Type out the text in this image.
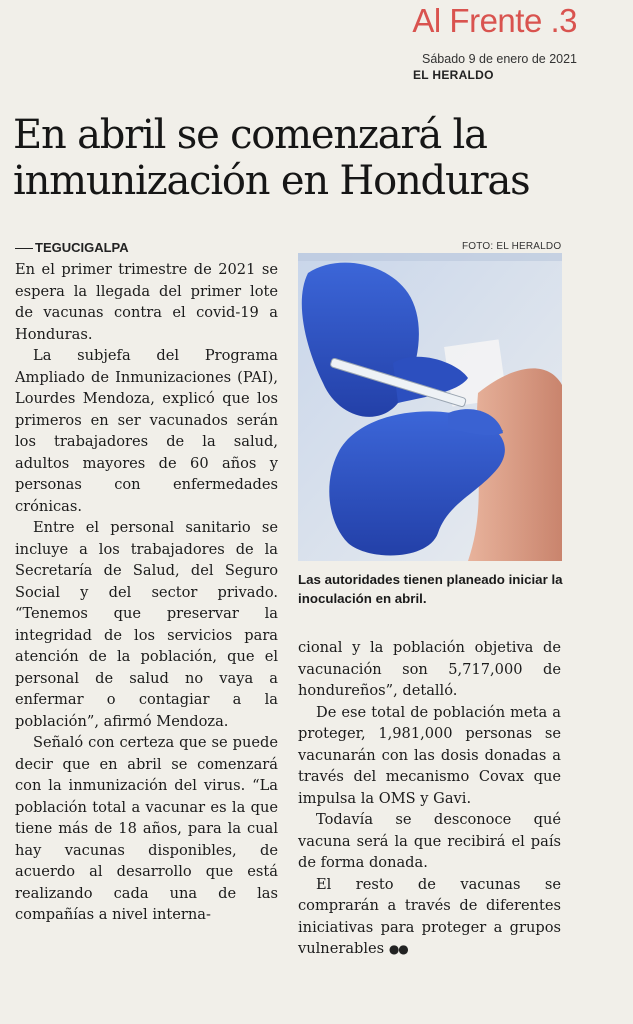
Al Frente .3
Sábado 9 de enero de 2021
EL HERALDO
En abril se comenzará la
inmunización en Honduras
TEGUCIGALPA	FOTO: EL HERALDO

En el primer trimestre de 2021 se espera la llegada del primer lote de vacunas contra el covid-19 a Honduras.

La subjefa del Programa Ampliado de Inmunizaciones (PAI), Lourdes Mendoza, explicó que los primeros en ser vacunados serán los trabajadores de la salud, adultos mayores de 60 años y personas con enfermedades crónicas.

Entre el personal sanitario se incluye a los trabajadores de la Secretaría de Salud, del Seguro Social y del sector privado. “Tenemos que preservar la integridad de los servicios para atención de la población, que el personal de salud no vaya a enfermar o contagiar a la población”, afirmó Mendoza.

Señaló con certeza que se puede decir que en abril se comenzará con la inmunización del virus. “La población total a vacunar es la que tiene más de 18 años, para la cual hay vacunas disponibles, de acuerdo al desarrollo que está realizando cada una de las compañías a nivel interna-

Las autoridades tienen planeado iniciar la inoculación en abril.

cional y la población objetiva de vacunación son 5,717,000 de hondureños”, detalló.

De ese total de población meta a proteger, 1,981,000 personas se vacunarán con las dosis donadas a través del mecanismo Covax que impulsa la OMS y Gavi.

Todavía se desconoce qué vacuna será la que recibirá el país de forma donada.

El resto de vacunas se comprarán a través de diferentes iniciativas para proteger a grupos vulnerables ●●
